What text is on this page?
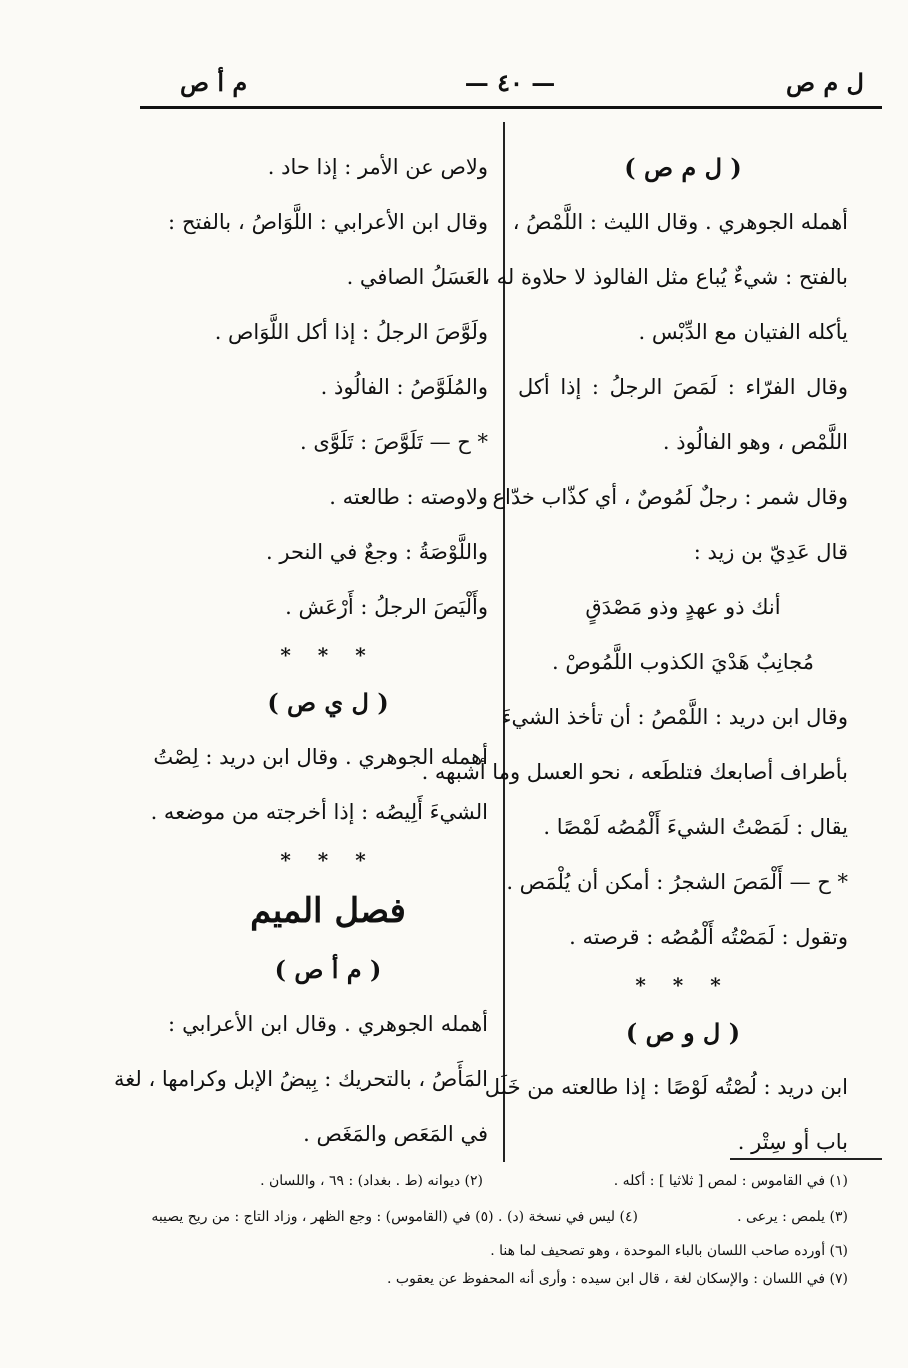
ل م ص
— ٤٠ —
م أ ص
( ل م ص )
أهمله الجوهري . وقال الليث : اللَّمْصُ ،
بالفتح : شيءٌ يُباع مثل الفالوذ لا حلاوة له ،
يأكله الفتيان مع الدِّبْس .
وقال الفرّاء : لَمَصَ الرجلُ : إذا أكل
اللَّمْص ، وهو الفالُوذ .
وقال شمر : رجلٌ لَمُوصٌ ، أي كذّاب خدّاع .
قال عَدِيّ بن زيد :
أنك ذو عهدٍ وذو مَصْدَقٍ
مُجانِبٌ هَدْيَ الكذوب اللَّمُوصْ .
وقال ابن دريد : اللَّمْصُ : أن تأخذ الشيءَ
بأطراف أصابعك فتلطَعه ، نحو العسل وما أشبهه .
يقال : لَمَصْتُ الشيءَ أَلْمُصُه لَمْصًا .
* ح — أَلْمَصَ الشجرُ : أمكن أن يُلْمَص .
وتقول : لَمَصْتُه أَلْمُصُه : قرصته .
* * *
( ل و ص )
ابن دريد : لُصْتُه لَوْصًا : إذا طالعته من خَلَل
باب أو سِتْر .
ولاص عن الأمر : إذا حاد .
وقال ابن الأعرابي : اللَّوَاصُ ، بالفتح :
العَسَلُ الصافي .
ولَوَّصَ الرجلُ : إذا أكل اللَّوَاص .
والمُلَوَّصُ : الفالُوذ .
* ح — تَلَوَّصَ : تَلَوَّى .
ولاوصته : طالعته .
واللَّوْصَةُ : وجعٌ في النحر .
وأَلْيَصَ الرجلُ : أَرْعَش .
* * *
( ل ي ص )
أهمله الجوهري . وقال ابن دريد : لِصْتُ
الشيءَ أَلِيصُه : إذا أخرجته من موضعه .
* * *
فصل الميم
( م أ ص )
أهمله الجوهري . وقال ابن الأعرابي :
المَأَصُ ، بالتحريك : بِيضُ الإبل وكرامها ، لغة
في المَعَص والمَغَص .
(١) في القاموس : لمص [ ثلاثيا ] : أكله .
(٢) ديوانه (ط . بغداد) : ٦٩ ، واللسان .
(٣) يلمص : يرعى .
(٤) ليس في نسخة (د) . (٥) في (القاموس) : وجع الظهر ، وزاد التاج : من ريح يصيبه
(٦) أورده صاحب اللسان بالباء الموحدة ، وهو تصحيف لما هنا .
(٧) في اللسان : والإسكان لغة ، قال ابن سيده : وأرى أنه المحفوظ عن يعقوب .
